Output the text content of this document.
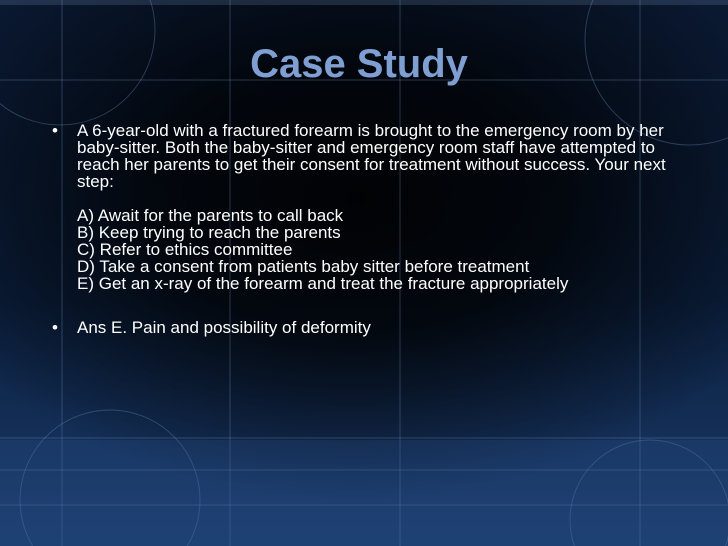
Case Study
• A 6-year-old with a fractured forearm is brought to the emergency room by her baby-sitter. Both the baby-sitter and emergency room staff have attempted to reach her parents to get their consent for treatment without success. Your next step:

A) Await for the parents to call back
B) Keep trying to reach the parents
C) Refer to ethics committee
D) Take a consent from patients baby sitter before treatment
E) Get an x-ray of the forearm and treat the fracture appropriately
• Ans E. Pain and possibility of deformity
